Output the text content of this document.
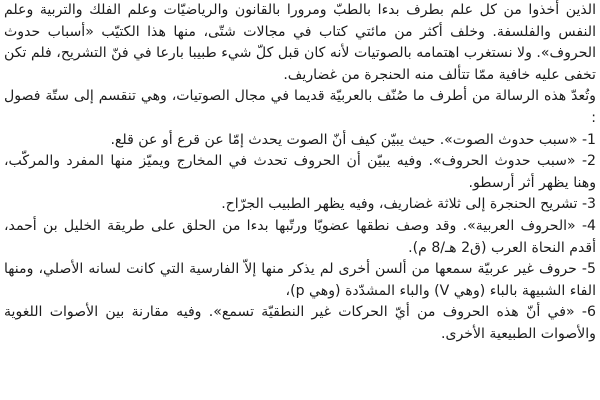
الذين أخذوا من كل علم بطرف بدءا بالطبّ ومرورا بالقانون والرياضيّات وعلم الفلك والتربية وعلم النفس والفلسفة. وخلف أكثر من مائتي كتاب في مجالات شتّى، منها هذا الكتيّب «أسباب حدوث الحروف». ولا نستغرب اهتمامه بالصوتيات لأنه كان قبل كلّ شيء طبيبا بارعا في فنّ التشريح، فلم تكن تخفى عليه خافية ممّا تتألف منه الحنجرة من غضاريف.

وتُعدّ هذه الرسالة من أطرف ما صُنّف بالعربيّة قديما في مجال الصوتيات، وهي تنقسم إلى ستّة فصول :

1- «سبب حدوث الصوت». حيث يبيّن كيف أنّ الصوت يحدث إمّا عن قرع أو عن قلع.

2- «سبب حدوث الحروف». وفيه يبيّن أن الحروف تحدث في المخارج ويميّز منها المفرد والمركّب، وهنا يظهر أثر أرسطو.

3- تشريح الحنجرة إلى ثلاثة غضاريف، وفيه يظهر الطبيب الجرّاح.

4- «الحروف العربية». وقد وصف نطقها عضويّا ورتّبها بدءا من الحلق على طريقة الخليل بن أحمد، أقدم النحاة العرب (ق2 هـ/8 م).

5- حروف غير عربيّة سمعها من ألسن أخرى لم يذكر منها إلاّ الفارسية التي كانت لسانه الأصلي، ومنها الفاء الشبيهة بالباء (وهي V) والباء المشدّدة (وهي p)،

6- «في أنّ هذه الحروف من أيّ الحركات غير النطقيّة تسمع». وفيه مقارنة بين الأصوات اللغوية والأصوات الطبيعية الأخرى.
